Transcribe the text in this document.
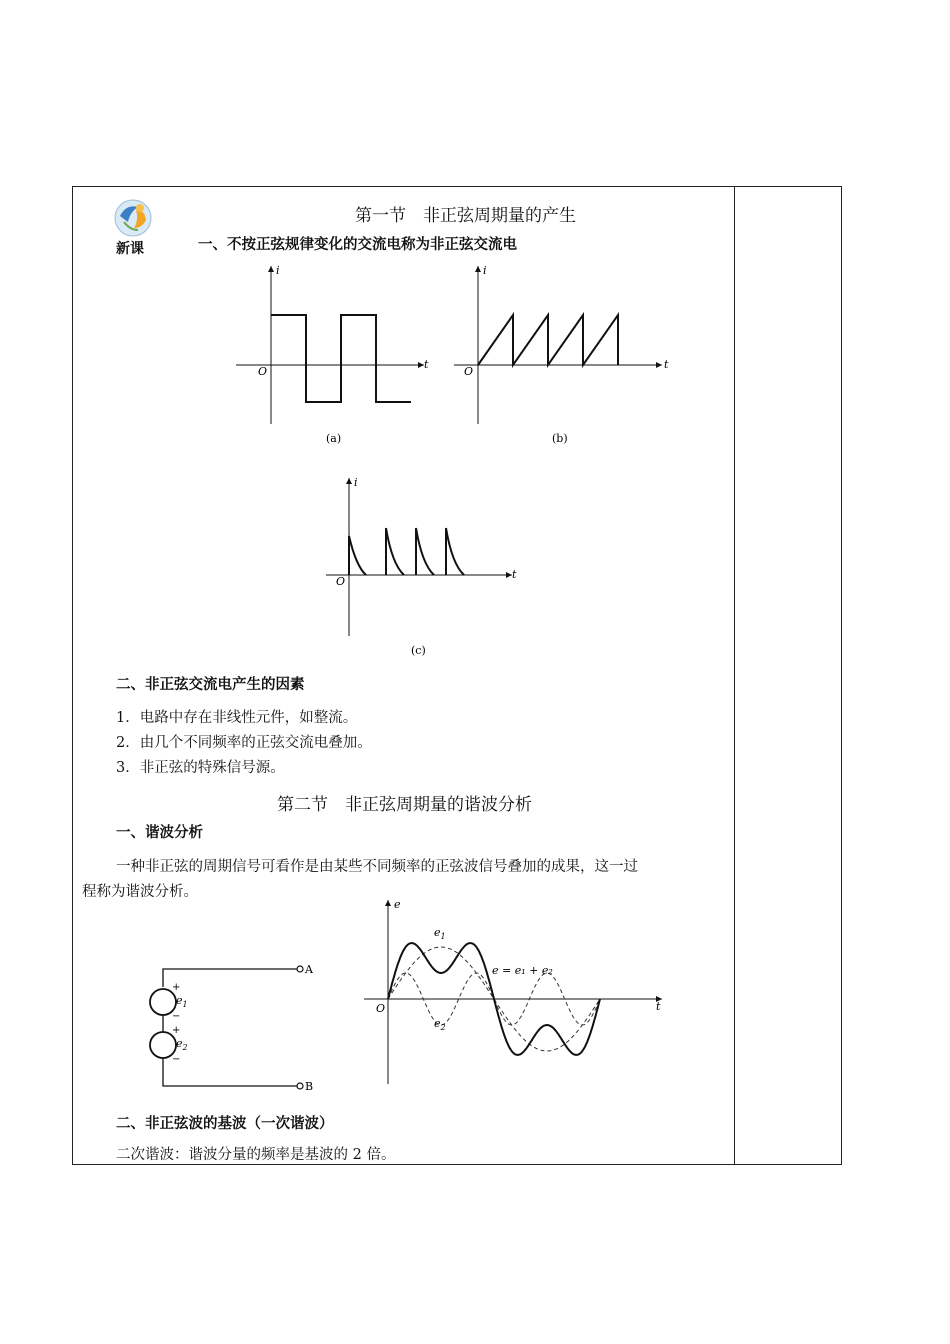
新课
第一节　非正弦周期量的产生
一、不按正弦规律变化的交流电称为非正弦交流电
i
t
O
(a)
i
t
O
(b)
i
t
O
(c)
二、非正弦交流电产生的因素
1．电路中存在非线性元件，如整流。
2．由几个不同频率的正弦交流电叠加。
3．非正弦的特殊信号源。
第二节　非正弦周期量的谐波分析
一、谐波分析
一种非正弦的周期信号可看作是由某些不同频率的正弦波信号叠加的成果，这一过
程称为谐波分析。
A
B
+
$e_1$
−
+
$e_2$
−
e
t
O
$e_1$
$e_2$
e = e₁ + e₂
二、非正弦波的基波（一次谐波）
二次谐波：谐波分量的频率是基波的 2 倍。
